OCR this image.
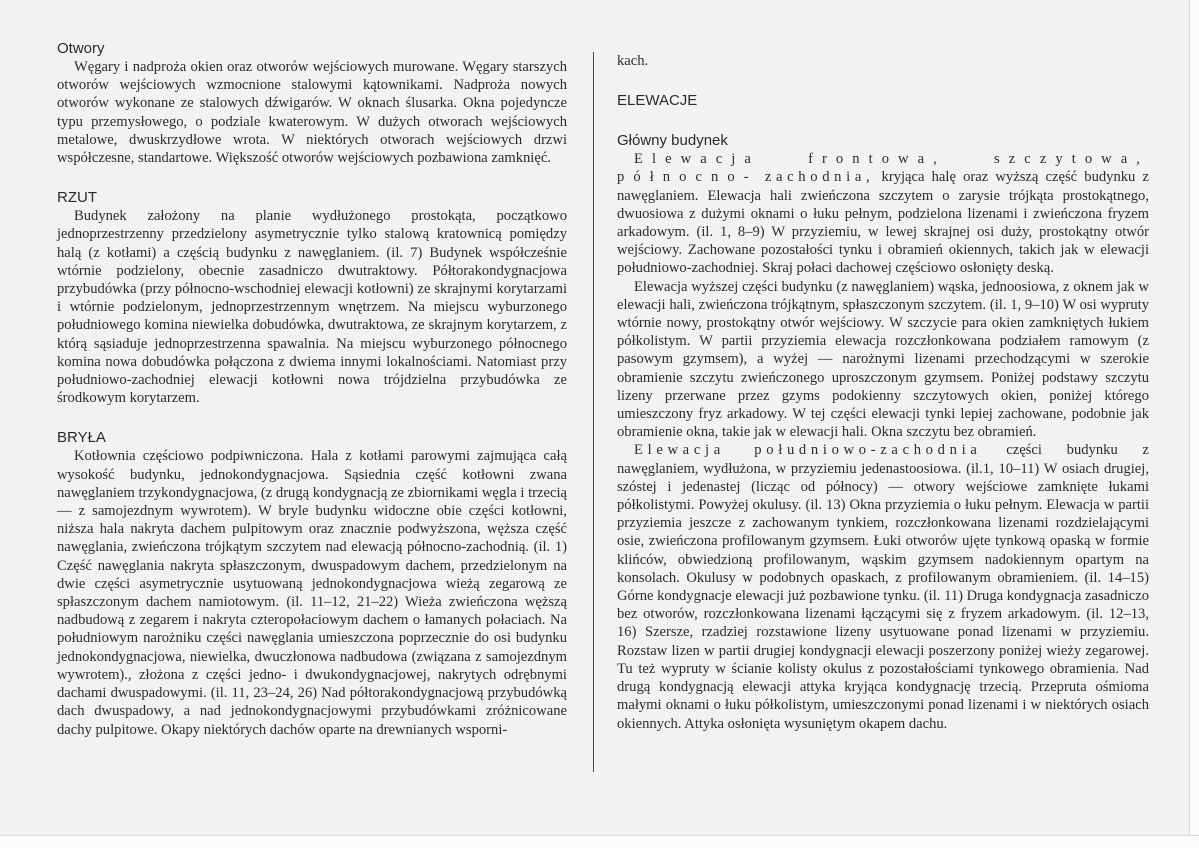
Otwory

Węgary i nadproża okien oraz otworów wejściowych murowane. Węgary starszych otworów wejściowych wzmocnione stalowymi kątownikami. Nadproża nowych otworów wykonane ze stalowych dźwigarów. W oknach ślusarka. Okna pojedyncze typu przemysłowego, o podziale kwaterowym. W dużych otworach wejściowych metalowe, dwuskrzydłowe wrota. W niektórych otworach wejściowych drzwi współczesne, standartowe. Większość otworów wejściowych pozbawiona zamknięć.

RZUT

Budynek założony na planie wydłużonego prostokąta, początkowo jednoprzestrzenny przedzielony asymetrycznie tylko stalową kratownicą pomiędzy halą (z kotłami) a częścią budynku z nawęglaniem. (il. 7) Budynek współcześnie wtórnie podzielony, obecnie zasadniczo dwutraktowy. Półtorakondygnacjowa przybudówka (przy północno-wschodniej elewacji kotłowni) ze skrajnymi korytarzami i wtórnie podzielonym, jednoprzestrzennym wnętrzem. Na miejscu wyburzonego południowego komina niewielka dobudówka, dwutraktowa, ze skrajnym korytarzem, z którą sąsiaduje jednoprzestrzenna spawalnia. Na miejscu wyburzonego północnego komina nowa dobudówka połączona z dwiema innymi lokalnościami. Natomiast przy południowo-zachodniej elewacji kotłowni nowa trójdzielna przybudówka ze środkowym korytarzem.

BRYŁA

Kotłownia częściowo podpiwniczona. Hala z kotłami parowymi zajmująca całą wysokość budynku, jednokondygnacjowa. Sąsiednia część kotłowni zwana nawęglaniem trzykondygnacjowa, (z drugą kondygnacją ze zbiornikami węgla i trzecią — z samojezdnym wywrotem). W bryle budynku widoczne obie części kotłowni, niższa hala nakryta dachem pulpitowym oraz znacznie podwyższona, węższa część nawęglania, zwieńczona trójkątym szczytem nad elewacją północno-zachodnią. (il. 1) Część nawęglania nakryta spłaszczonym, dwuspadowym dachem, przedzielonym na dwie części asymetrycznie usytuowaną jednokondygnacjowa wieżą zegarową ze spłaszczonym dachem namiotowym. (il. 11–12, 21–22) Wieża zwieńczona węższą nadbudową z zegarem i nakryta czteropołaciowym dachem o łamanych połaciach. Na południowym narożniku części nawęglania umieszczona poprzecznie do osi budynku jednokondygnacjowa, niewielka, dwuczłonowa nadbudowa (związana z samojezdnym wywrotem)., złożona z części jedno- i dwukondygnacjowej, nakrytych odrębnymi dachami dwuspadowymi. (il. 11, 23–24, 26) Nad półtorakondygnacjową przybudówką dach dwuspadowy, a nad jednokondygnacjowymi przybudówkami zróżnicowane dachy pulpitowe. Okapy niektórych dachów oparte na drewnianych wsporni-

kach.

ELEWACJE
Główny budynek

Elewacja frontowa, szczytowa, północno- zachodnia, kryjąca halę oraz wyższą część budynku z nawęglaniem. Elewacja hali zwieńczona szczytem o zarysie trójkąta prostokątnego, dwuosiowa z dużymi oknami o łuku pełnym, podzielona lizenami i zwieńczona fryzem arkadowym. (il. 1, 8–9) W przyziemiu, w lewej skrajnej osi duży, prostokątny otwór wejściowy. Zachowane pozostałości tynku i obramień okiennych, takich jak w elewacji południowo-zachodniej. Skraj połaci dachowej częściowo osłonięty deską.

Elewacja wyższej części budynku (z nawęglaniem) wąska, jednoosiowa, z oknem jak w elewacji hali, zwieńczona trójkątnym, spłaszczonym szczytem. (il. 1, 9–10) W osi wypruty wtórnie nowy, prostokątny otwór wejściowy. W szczycie para okien zamkniętych łukiem półkolistym. W partii przyziemia elewacja rozczłonkowana podziałem ramowym (z pasowym gzymsem), a wyżej — narożnymi lizenami przechodzącymi w szerokie obramienie szczytu zwieńczonego uproszczonym gzymsem. Poniżej podstawy szczytu lizeny przerwane przez gzyms podokienny szczytowych okien, poniżej którego umieszczony fryz arkadowy. W tej części elewacji tynki lepiej zachowane, podobnie jak obramienie okna, takie jak w elewacji hali. Okna szczytu bez obramień.

Elewacja południowo-zachodnia części budynku z nawęglaniem, wydłużona, w przyziemiu jedenastoosiowa. (il.1, 10–11) W osiach drugiej, szóstej i jedenastej (licząc od północy) — otwory wejściowe zamknięte łukami półkolistymi. Powyżej okulusy. (il. 13) Okna przyziemia o łuku pełnym. Elewacja w partii przyziemia jeszcze z zachowanym tynkiem, rozczłonkowana lizenami rozdzielającymi osie, zwieńczona profilowanym gzymsem. Łuki otworów ujęte tynkową opaską w formie klińców, obwiedzioną profilowanym, wąskim gzymsem nadokiennym opartym na konsolach. Okulusy w podobnych opaskach, z profilowanym obramieniem. (il. 14–15) Górne kondygnacje elewacji już pozbawione tynku. (il. 11) Druga kondygnacja zasadniczo bez otworów, rozczłonkowana lizenami łączącymi się z fryzem arkadowym. (il. 12–13, 16) Szersze, rzadziej rozstawione lizeny usytuowane ponad lizenami w przyziemiu. Rozstaw lizen w partii drugiej kondygnacji elewacji poszerzony poniżej wieży zegarowej. Tu też wypruty w ścianie kolisty okulus z pozostałościami tynkowego obramienia. Nad drugą kondygnacją elewacji attyka kryjąca kondygnację trzecią. Przepruta ośmioma małymi oknami o łuku półkolistym, umieszczonymi ponad lizenami i w niektórych osiach okiennych. Attyka osłonięta wysuniętym okapem dachu.
